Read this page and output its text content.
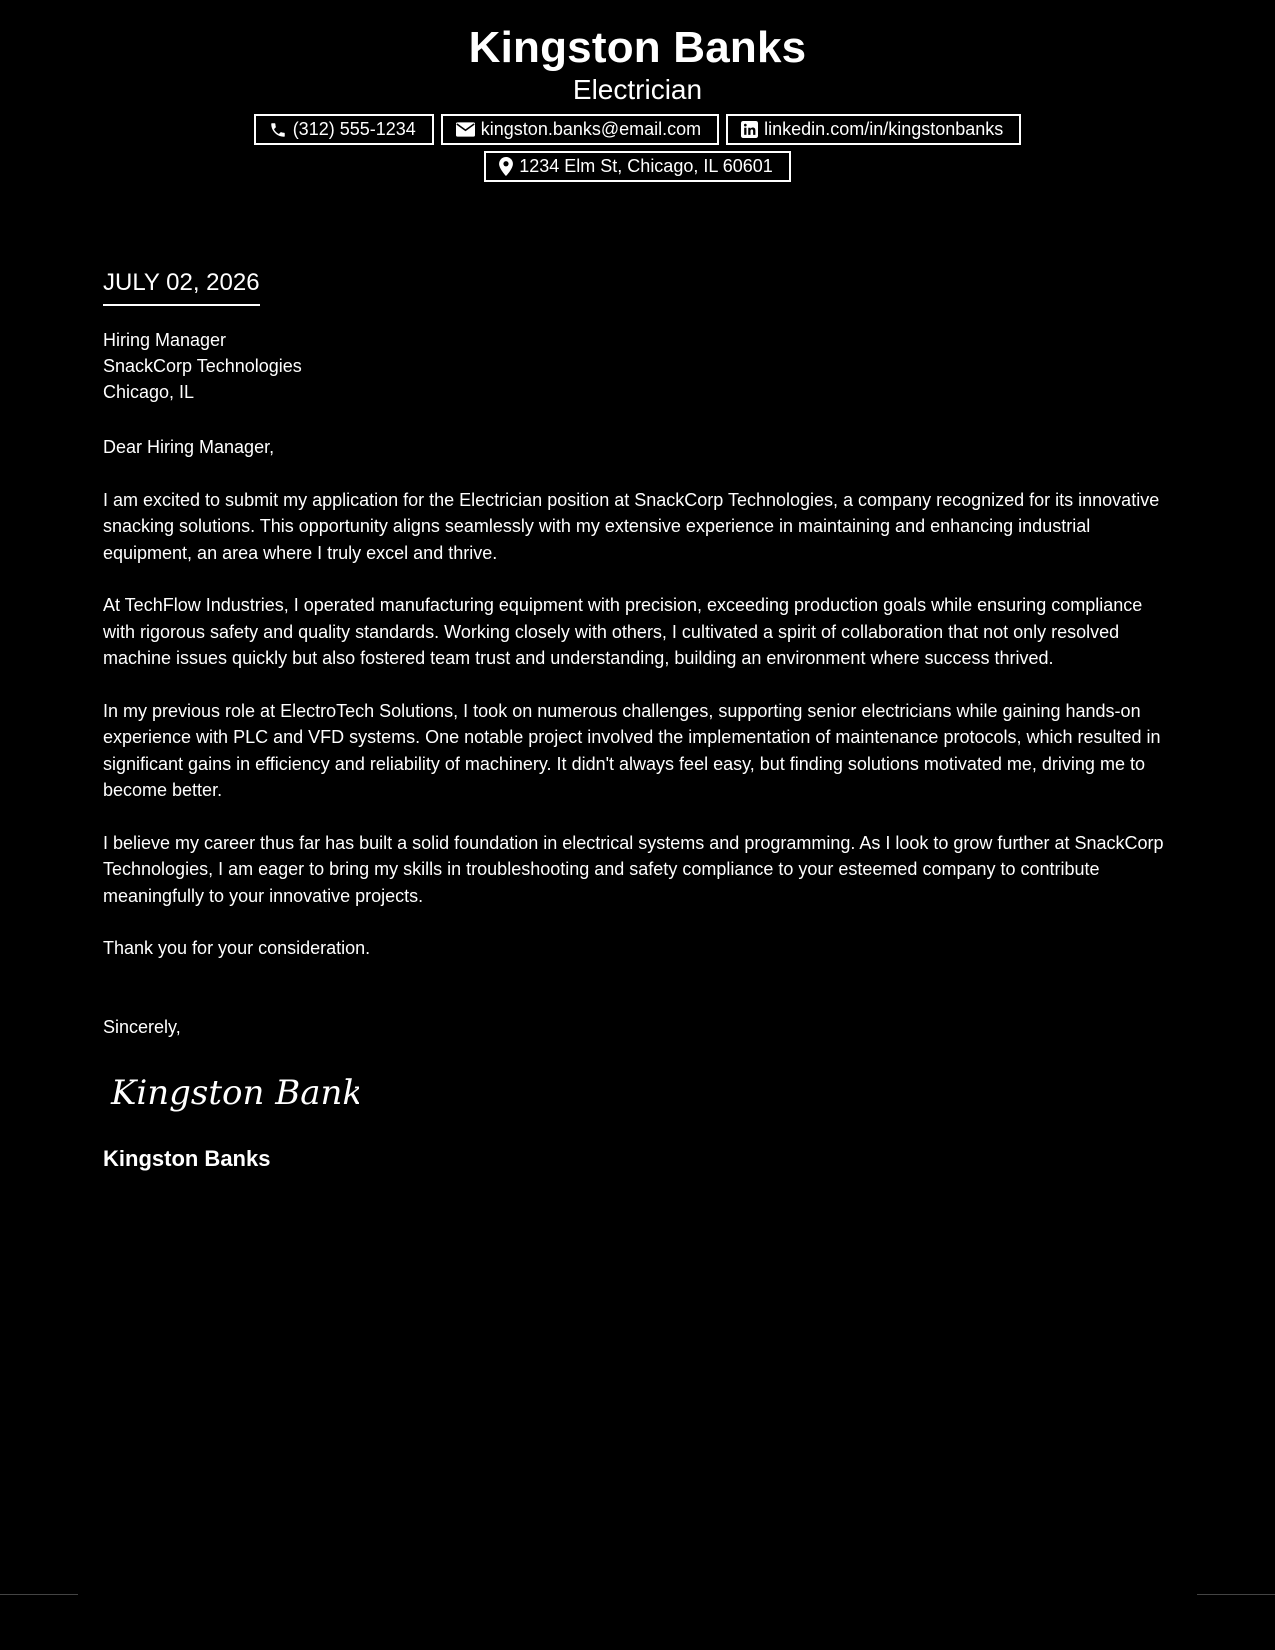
Kingston Banks
Electrician
(312) 555-1234	kingston.banks@email.com	linkedin.com/in/kingstonbanks
1234 Elm St, Chicago, IL 60601
JULY 02, 2026
Hiring Manager
SnackCorp Technologies
Chicago, IL
Dear Hiring Manager,

I am excited to submit my application for the Electrician position at SnackCorp Technologies, a company recognized for its innovative snacking solutions. This opportunity aligns seamlessly with my extensive experience in maintaining and enhancing industrial equipment, an area where I truly excel and thrive.

At TechFlow Industries, I operated manufacturing equipment with precision, exceeding production goals while ensuring compliance with rigorous safety and quality standards. Working closely with others, I cultivated a spirit of collaboration that not only resolved machine issues quickly but also fostered team trust and understanding, building an environment where success thrived.

In my previous role at ElectroTech Solutions, I took on numerous challenges, supporting senior electricians while gaining hands-on experience with PLC and VFD systems. One notable project involved the implementation of maintenance protocols, which resulted in significant gains in efficiency and reliability of machinery. It didn't always feel easy, but finding solutions motivated me, driving me to become better.

I believe my career thus far has built a solid foundation in electrical systems and programming. As I look to grow further at SnackCorp Technologies, I am eager to bring my skills in troubleshooting and safety compliance to your esteemed company to contribute meaningfully to your innovative projects.

Thank you for your consideration.

Sincerely,
Kingston Banks
Kingston Banks
